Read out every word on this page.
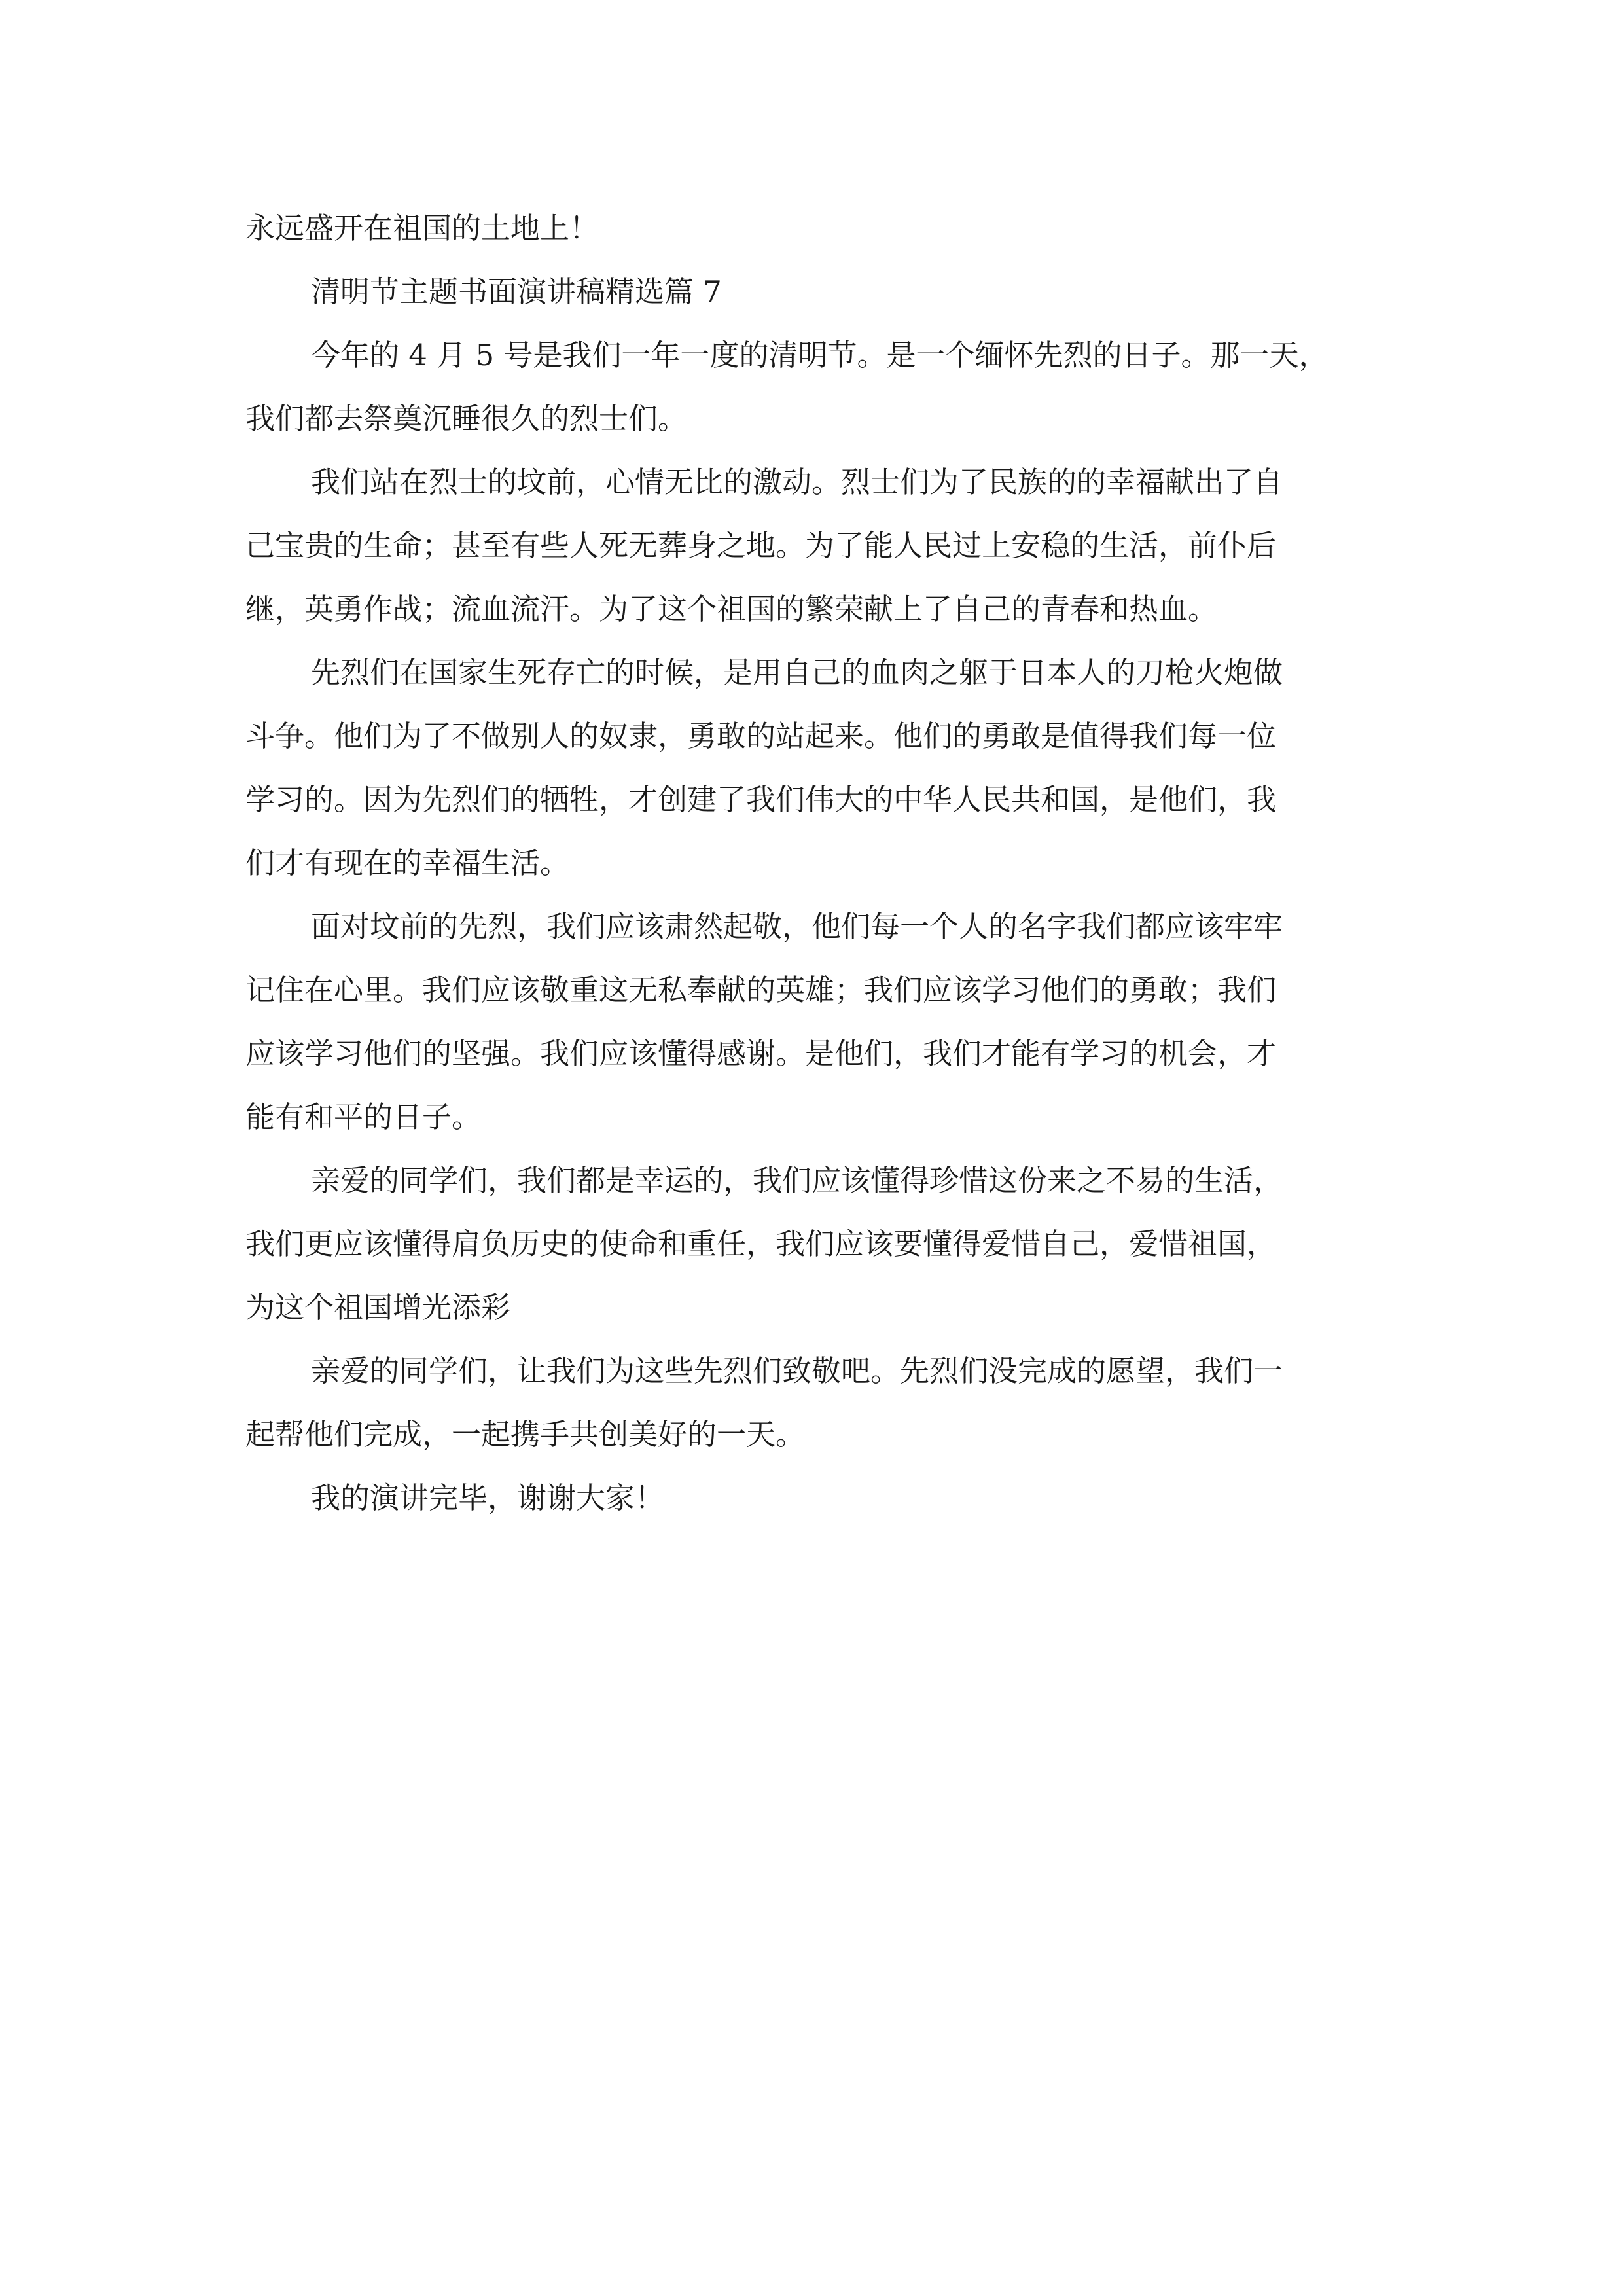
永远盛开在祖国的土地上！
清明节主题书面演讲稿精选篇 7
今年的 4 月 5 号是我们一年一度的清明节。是一个缅怀先烈的日子。那一天，
我们都去祭奠沉睡很久的烈士们。
我们站在烈士的坟前，心情无比的激动。烈士们为了民族的的幸福献出了自
己宝贵的生命；甚至有些人死无葬身之地。为了能人民过上安稳的生活，前仆后
继，英勇作战；流血流汗。为了这个祖国的繁荣献上了自己的青春和热血。
先烈们在国家生死存亡的时候，是用自己的血肉之躯于日本人的刀枪火炮做
斗争。他们为了不做别人的奴隶，勇敢的站起来。他们的勇敢是值得我们每一位
学习的。因为先烈们的牺牲，才创建了我们伟大的中华人民共和国，是他们，我
们才有现在的幸福生活。
面对坟前的先烈，我们应该肃然起敬，他们每一个人的名字我们都应该牢牢
记住在心里。我们应该敬重这无私奉献的英雄；我们应该学习他们的勇敢；我们
应该学习他们的坚强。我们应该懂得感谢。是他们，我们才能有学习的机会，才
能有和平的日子。
亲爱的同学们，我们都是幸运的，我们应该懂得珍惜这份来之不易的生活，
我们更应该懂得肩负历史的使命和重任，我们应该要懂得爱惜自己，爱惜祖国，
为这个祖国增光添彩
亲爱的同学们，让我们为这些先烈们致敬吧。先烈们没完成的愿望，我们一
起帮他们完成，一起携手共创美好的一天。
我的演讲完毕，谢谢大家！
